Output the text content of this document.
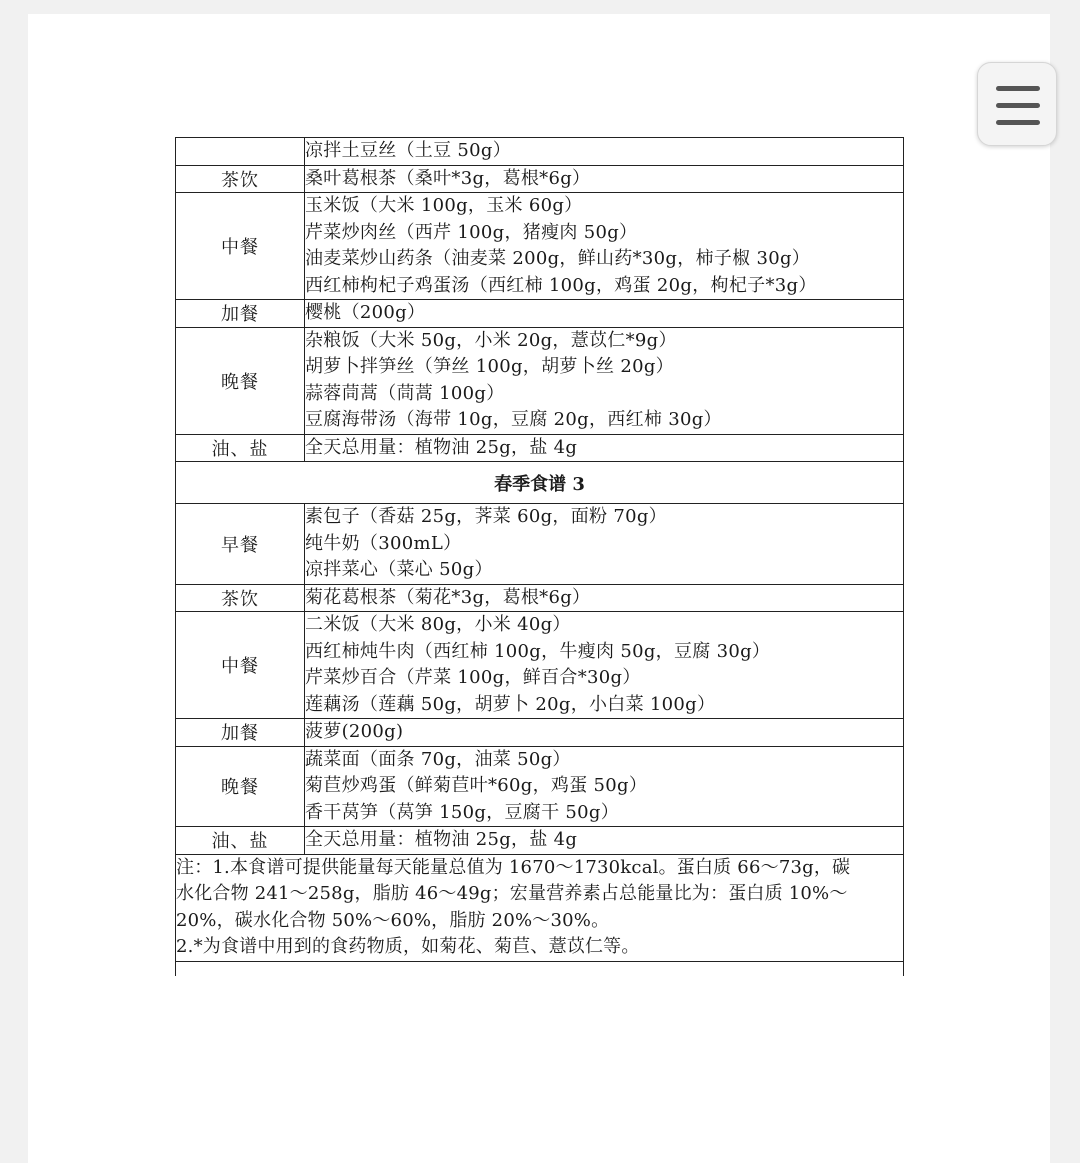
	凉拌土豆丝（土豆 50g）

茶饮	桑叶葛根茶（桑叶*3g，葛根*6g）

中餐	玉米饭（大米 100g，玉米 60g）
芹菜炒肉丝（西芹 100g，猪瘦肉 50g）
油麦菜炒山药条（油麦菜 200g，鲜山药*30g，柿子椒 30g）
西红柿枸杞子鸡蛋汤（西红柿 100g，鸡蛋 20g，枸杞子*3g）

加餐	樱桃（200g）

晚餐	杂粮饭（大米 50g，小米 20g，薏苡仁*9g）
胡萝卜拌笋丝（笋丝 100g，胡萝卜丝 20g）
蒜蓉茼蒿（茼蒿 100g）
豆腐海带汤（海带 10g，豆腐 20g，西红柿 30g）

油、盐	全天总用量：植物油 25g，盐 4g

春季食谱 3	
早餐	素包子（香菇 25g，荠菜 60g，面粉 70g）
纯牛奶（300mL）
凉拌菜心（菜心 50g）

茶饮	菊花葛根茶（菊花*3g，葛根*6g）

中餐	二米饭（大米 80g，小米 40g）
西红柿炖牛肉（西红柿 100g，牛瘦肉 50g，豆腐 30g）
芹菜炒百合（芹菜 100g，鲜百合*30g）
莲藕汤（莲藕 50g，胡萝卜 20g，小白菜 100g）

加餐	菠萝(200g)

晚餐	蔬菜面（面条 70g，油菜 50g）
菊苣炒鸡蛋（鲜菊苣叶*60g，鸡蛋 50g）
香干莴笋（莴笋 150g，豆腐干 50g）

油、盐	全天总用量：植物油 25g，盐 4g

注：1.本食谱可提供能量每天能量总值为 1670～1730kcal。蛋白质 66～73g，碳
水化合物 241～258g，脂肪 46～49g；宏量营养素占总能量比为：蛋白质 10%～
20%，碳水化合物 50%～60%，脂肪 20%～30%。
2.*为食谱中用到的食药物质，如菊花、菊苣、薏苡仁等。	
